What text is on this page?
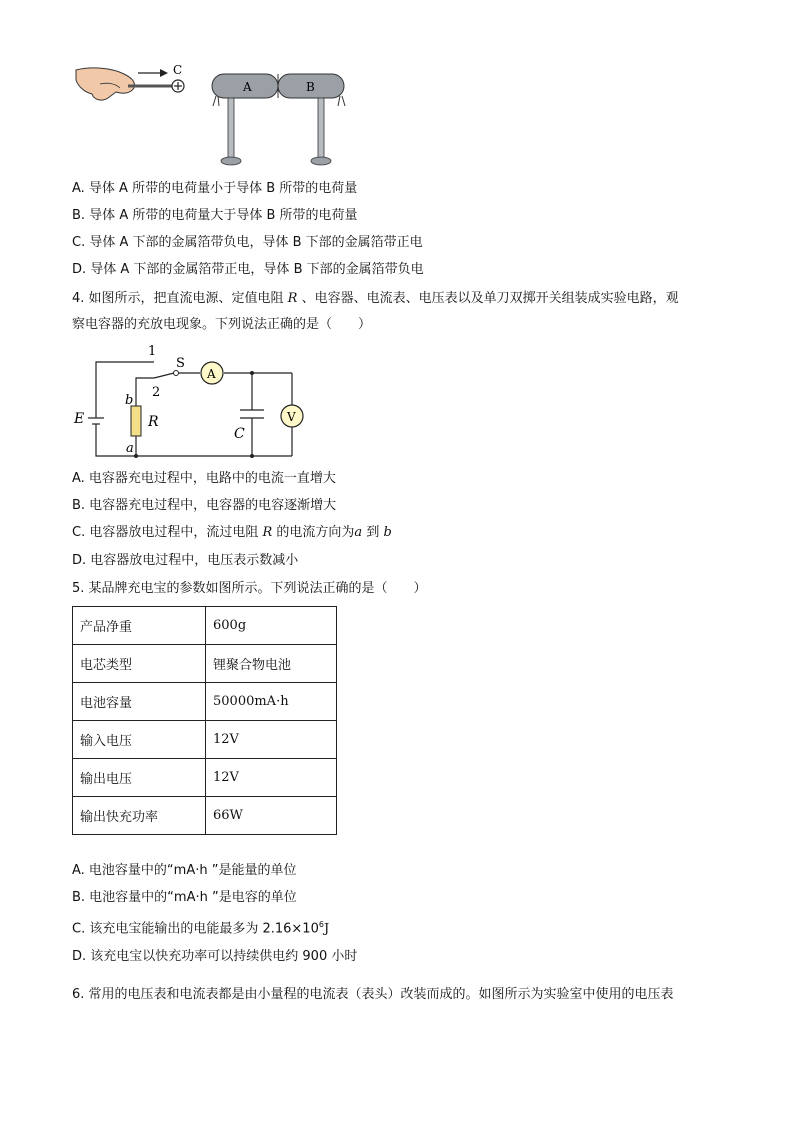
C
A	B
A. 导体 A 所带的电荷量小于导体 B 所带的电荷量
B. 导体 A 所带的电荷量大于导体 B 所带的电荷量
C. 导体 A 下部的金属箔带负电，导体 B 下部的金属箔带正电
D. 导体 A 下部的金属箔带正电，导体 B 下部的金属箔带负电
4. 如图所示，把直流电源、定值电阻 R 、电容器、电流表、电压表以及单刀双掷开关组装成实验电路，观
察电容器的充放电现象。下列说法正确的是（　　）
A
V
1
2
S
E	R
C
a
b
A. 电容器充电过程中，电路中的电流一直增大
B. 电容器充电过程中，电容器的电容逐渐增大
C. 电容器放电过程中，流过电阻 R 的电流方向为a 到 b
D. 电容器放电过程中，电压表示数减小
5. 某品牌充电宝的参数如图所示。下列说法正确的是（　　）
产品净重	600g
电芯类型	锂聚合物电池
电池容量	50000mA·h
输入电压	12V
输出电压	12V
输出快充功率	66W
A. 电池容量中的“mA·h ”是能量的单位
B. 电池容量中的“mA·h ”是电容的单位
C. 该充电宝能输出的电能最多为 $2.16\times 10^6J$
D. 该充电宝以快充功率可以持续供电约 900 小时
6. 常用的电压表和电流表都是由小量程的电流表（表头）改装而成的。如图所示为实验室中使用的电压表
